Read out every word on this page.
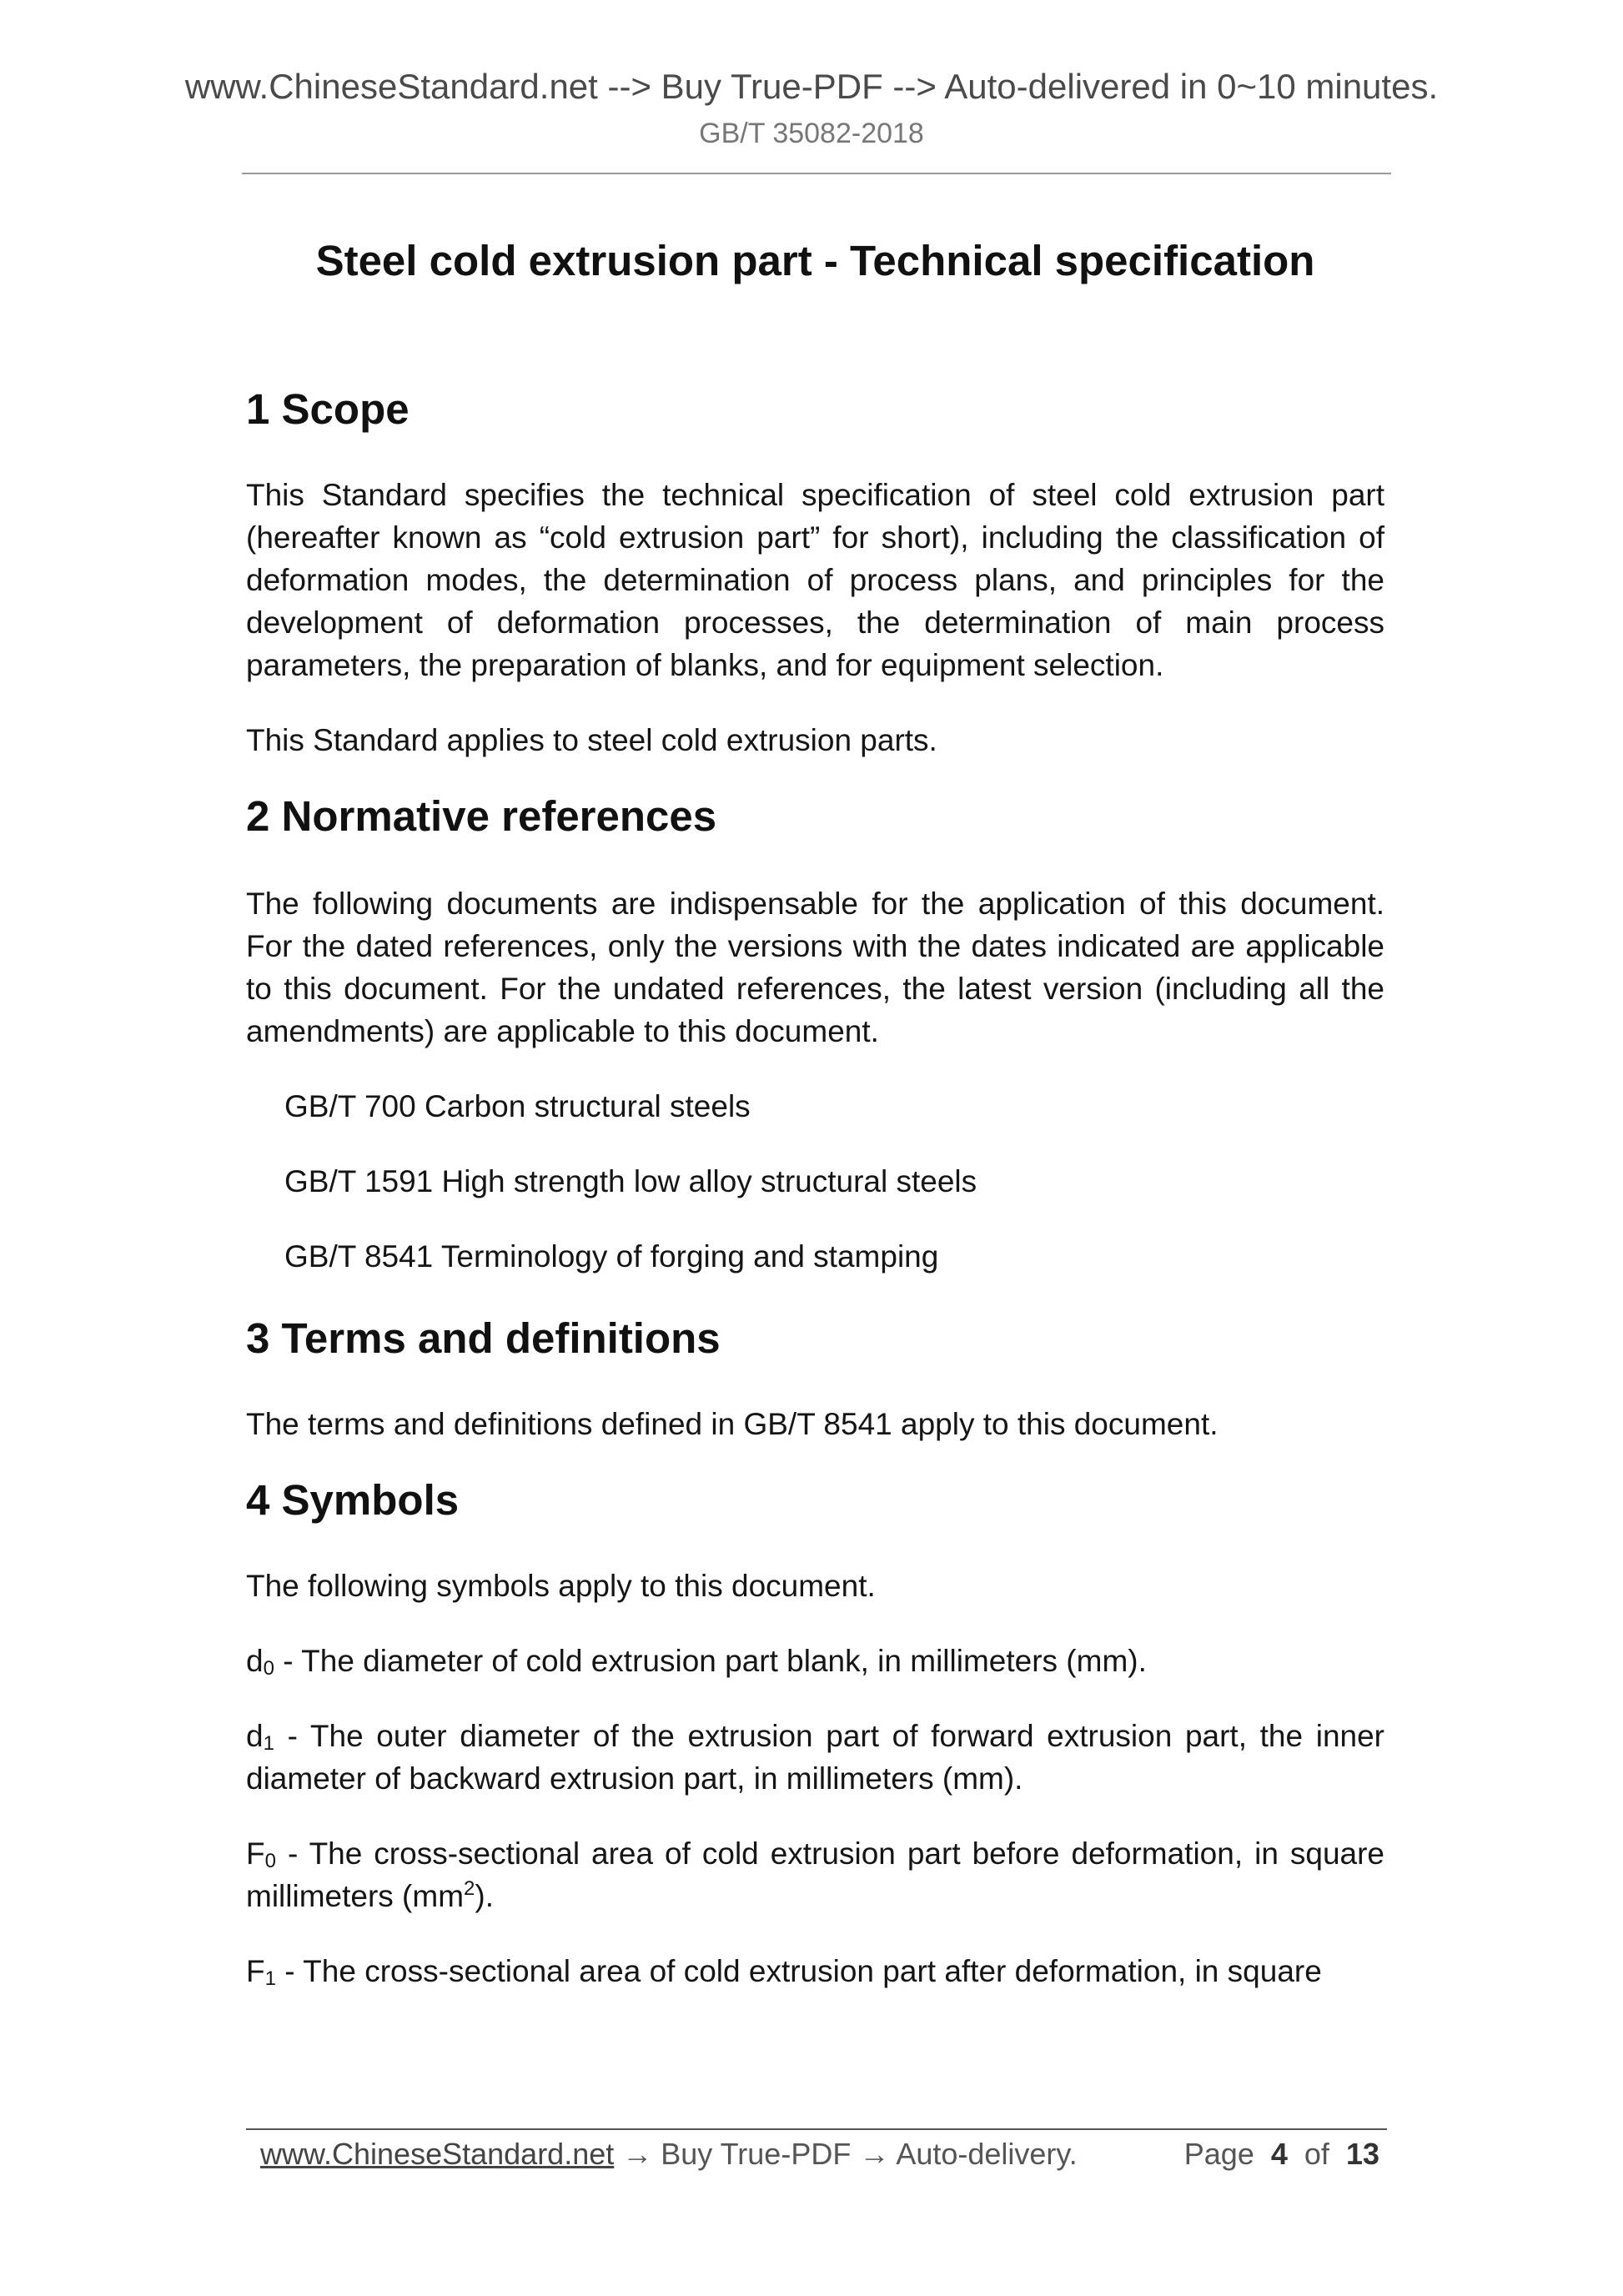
www.ChineseStandard.net --> Buy True-PDF --> Auto-delivered in 0~10 minutes.
GB/T 35082-2018
Steel cold extrusion part - Technical specification
1 Scope

This Standard specifies the technical specification of steel cold extrusion part (hereafter known as “cold extrusion part” for short), including the classification of deformation modes, the determination of process plans, and principles for the development of deformation processes, the determination of main process parameters, the preparation of blanks, and for equipment selection.

This Standard applies to steel cold extrusion parts.

2 Normative references

The following documents are indispensable for the application of this document. For the dated references, only the versions with the dates indicated are applicable to this document. For the undated references, the latest version (including all the amendments) are applicable to this document.

GB/T 700 Carbon structural steels

GB/T 1591 High strength low alloy structural steels

GB/T 8541 Terminology of forging and stamping

3 Terms and definitions

The terms and definitions defined in GB/T 8541 apply to this document.

4 Symbols

The following symbols apply to this document.

d0 - The diameter of cold extrusion part blank, in millimeters (mm).

d1 - The outer diameter of the extrusion part of forward extrusion part, the inner diameter of backward extrusion part, in millimeters (mm).

F0 - The cross-sectional area of cold extrusion part before deformation, in square millimeters $(mm^2)$.

F1 - The cross-sectional area of cold extrusion part after deformation, in square

www.ChineseStandard.net → Buy True-PDF → Auto-delivery.	Page 4 of 13
